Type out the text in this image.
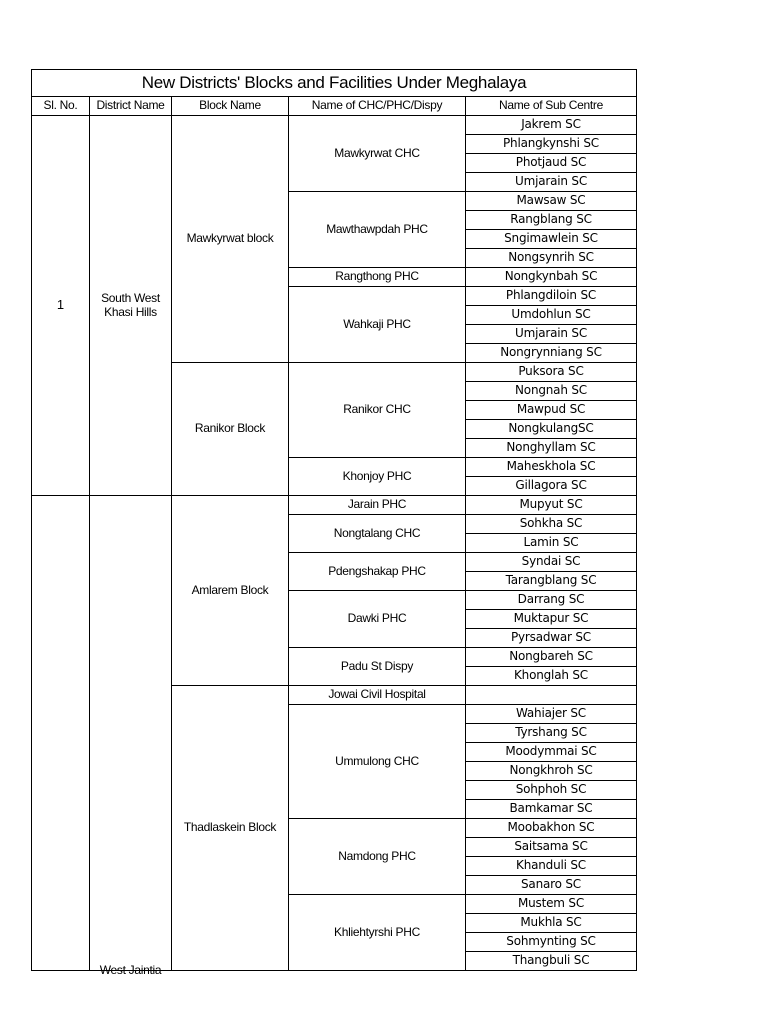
New Districts' Blocks and Facilities Under Meghalaya				
Sl. No.	District Name	Block Name	Name of CHC/PHC/Dispy	Name of Sub Centre
1	South West Khasi Hills	Mawkyrwat block	Mawkyrwat CHC	Jakrem SC
				Phlangkynshi SC
				Photjaud SC
				Umjarain SC
			Mawthawpdah PHC	Mawsaw SC
				Rangblang SC
				Sngimawlein SC
				Nongsynrih SC
			Rangthong PHC	Nongkynbah SC
			Wahkaji PHC	Phlangdiloin SC
				Umdohlun SC
				Umjarain SC
				Nongrynniang SC
		Ranikor Block	Ranikor CHC	Puksora SC
				Nongnah SC
				Mawpud SC
				NongkulangSC
				Nonghyllam SC
			Khonjoy PHC	Maheskhola SC
				Gillagora SC

	West Jaintia	Amlarem Block	Jarain PHC	Mupyut SC
			Nongtalang CHC	Sohkha SC
				Lamin SC
			Pdengshakap PHC	Syndai SC
				Tarangblang SC
			Dawki PHC	Darrang SC
				Muktapur SC
				Pyrsadwar SC
			Padu St Dispy	Nongbareh SC
				Khonglah SC
		Thadlaskein Block	Jowai Civil Hospital	
			Ummulong CHC	Wahiajer SC
				Tyrshang SC
				Moodymmai SC
				Nongkhroh SC
				Sohphoh SC
				Bamkamar SC
			Namdong PHC	Moobakhon SC
				Saitsama SC
				Khanduli SC
				Sanaro SC
			Khliehtyrshi PHC	Mustem SC
				Mukhla SC
				Sohmynting SC
				Thangbuli SC
